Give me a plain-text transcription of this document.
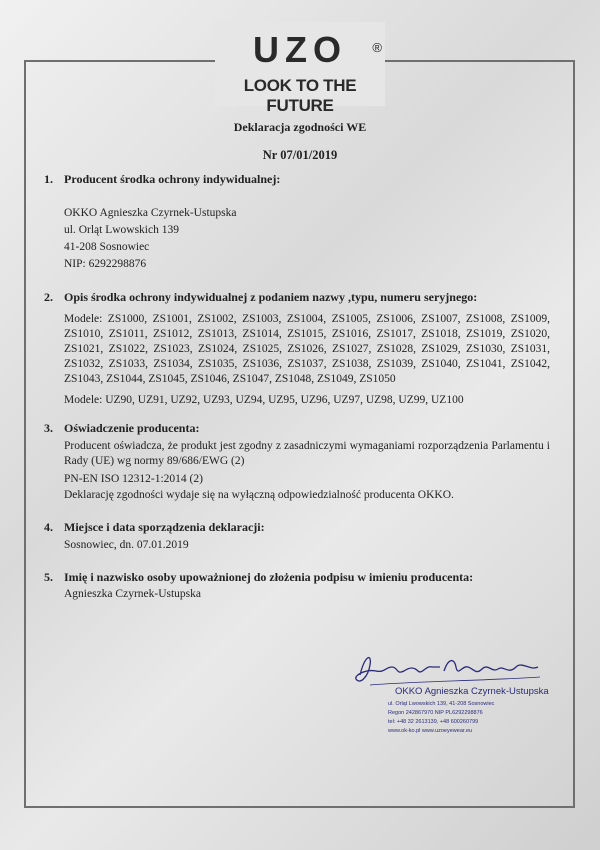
UZO ®
LOOK TO THE FUTURE
Deklaracja zgodności WE
Nr 07/01/2019
1. Producent środka ochrony indywidualnej:
OKKO Agnieszka Czyrnek-Ustupska
ul. Orląt Lwowskich 139
41-208 Sosnowiec
NIP: 6292298876
2. Opis środka ochrony indywidualnej z podaniem nazwy ,typu, numeru seryjnego:
Modele: ZS1000, ZS1001, ZS1002, ZS1003, ZS1004, ZS1005, ZS1006, ZS1007, ZS1008, ZS1009, ZS1010, ZS1011, ZS1012, ZS1013, ZS1014, ZS1015, ZS1016, ZS1017, ZS1018, ZS1019, ZS1020, ZS1021, ZS1022, ZS1023, ZS1024, ZS1025, ZS1026, ZS1027, ZS1028, ZS1029, ZS1030, ZS1031, ZS1032, ZS1033, ZS1034, ZS1035, ZS1036, ZS1037, ZS1038, ZS1039, ZS1040, ZS1041, ZS1042, ZS1043, ZS1044, ZS1045, ZS1046, ZS1047, ZS1048, ZS1049, ZS1050
Modele: UZ90, UZ91, UZ92, UZ93, UZ94, UZ95, UZ96, UZ97, UZ98, UZ99, UZ100
3. Oświadczenie producenta:
Producent oświadcza, że produkt jest zgodny z zasadniczymi wymaganiami rozporządzenia Parlamentu i Rady (UE) wg normy 89/686/EWG (2)
PN-EN ISO 12312-1:2014 (2)
Deklarację zgodności wydaje się na wyłączną odpowiedzialność producenta OKKO.
4. Miejsce i data sporządzenia deklaracji:
Sosnowiec, dn. 07.01.2019
5. Imię i nazwisko osoby upoważnionej do złożenia podpisu w imieniu producenta:
Agnieszka Czyrnek-Ustupska
OKKO Agnieszka Czyrnek-Ustupska
ul. Orląt Lwowskich 139, 41-208 Sosnowiec
Regon 242867970 NIP PL6292298876
tel: +48 32 2613139, +48 600260799
www.ok-ko.pl www.uzoeyewear.eu
